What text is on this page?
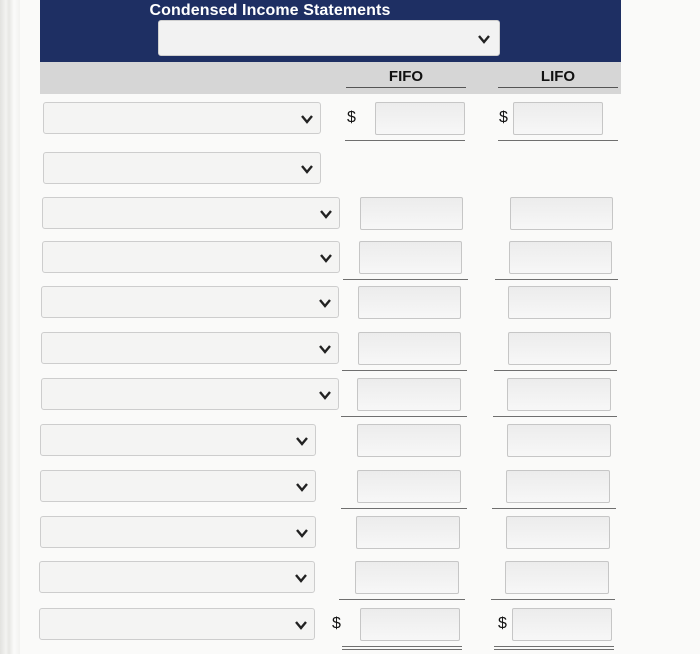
Condensed Income Statements
FIFO	LIFO
$	$
$	$
